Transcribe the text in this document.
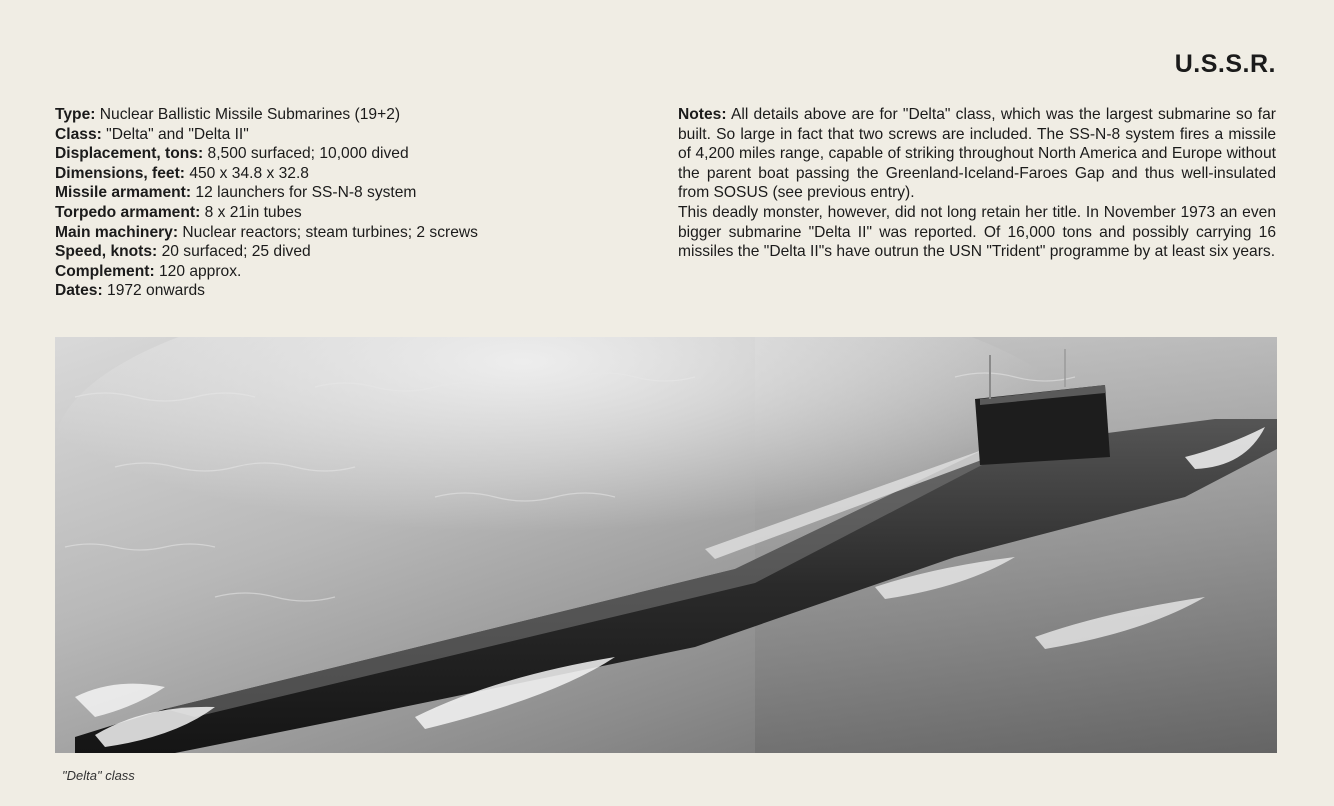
U.S.S.R.
Type: Nuclear Ballistic Missile Submarines (19+2)
Class: "Delta" and "Delta II"
Displacement, tons: 8,500 surfaced; 10,000 dived
Dimensions, feet: 450 x 34.8 x 32.8
Missile armament: 12 launchers for SS-N-8 system
Torpedo armament: 8 x 21in tubes
Main machinery: Nuclear reactors; steam turbines; 2 screws
Speed, knots: 20 surfaced; 25 dived
Complement: 120 approx.
Dates: 1972 onwards

Notes: All details above are for "Delta" class, which was the largest submarine so far built. So large in fact that two screws are included. The SS-N-8 system fires a missile of 4,200 miles range, capable of striking throughout North America and Europe without the parent boat passing the Greenland-Iceland-Faroes Gap and thus well-insulated from SOSUS (see previous entry).

This deadly monster, however, did not long retain her title. In November 1973 an even bigger submarine "Delta II" was reported. Of 16,000 tons and possibly carrying 16 missiles the "Delta II"s have outrun the USN "Trident" programme by at least six years.

"Delta" class
